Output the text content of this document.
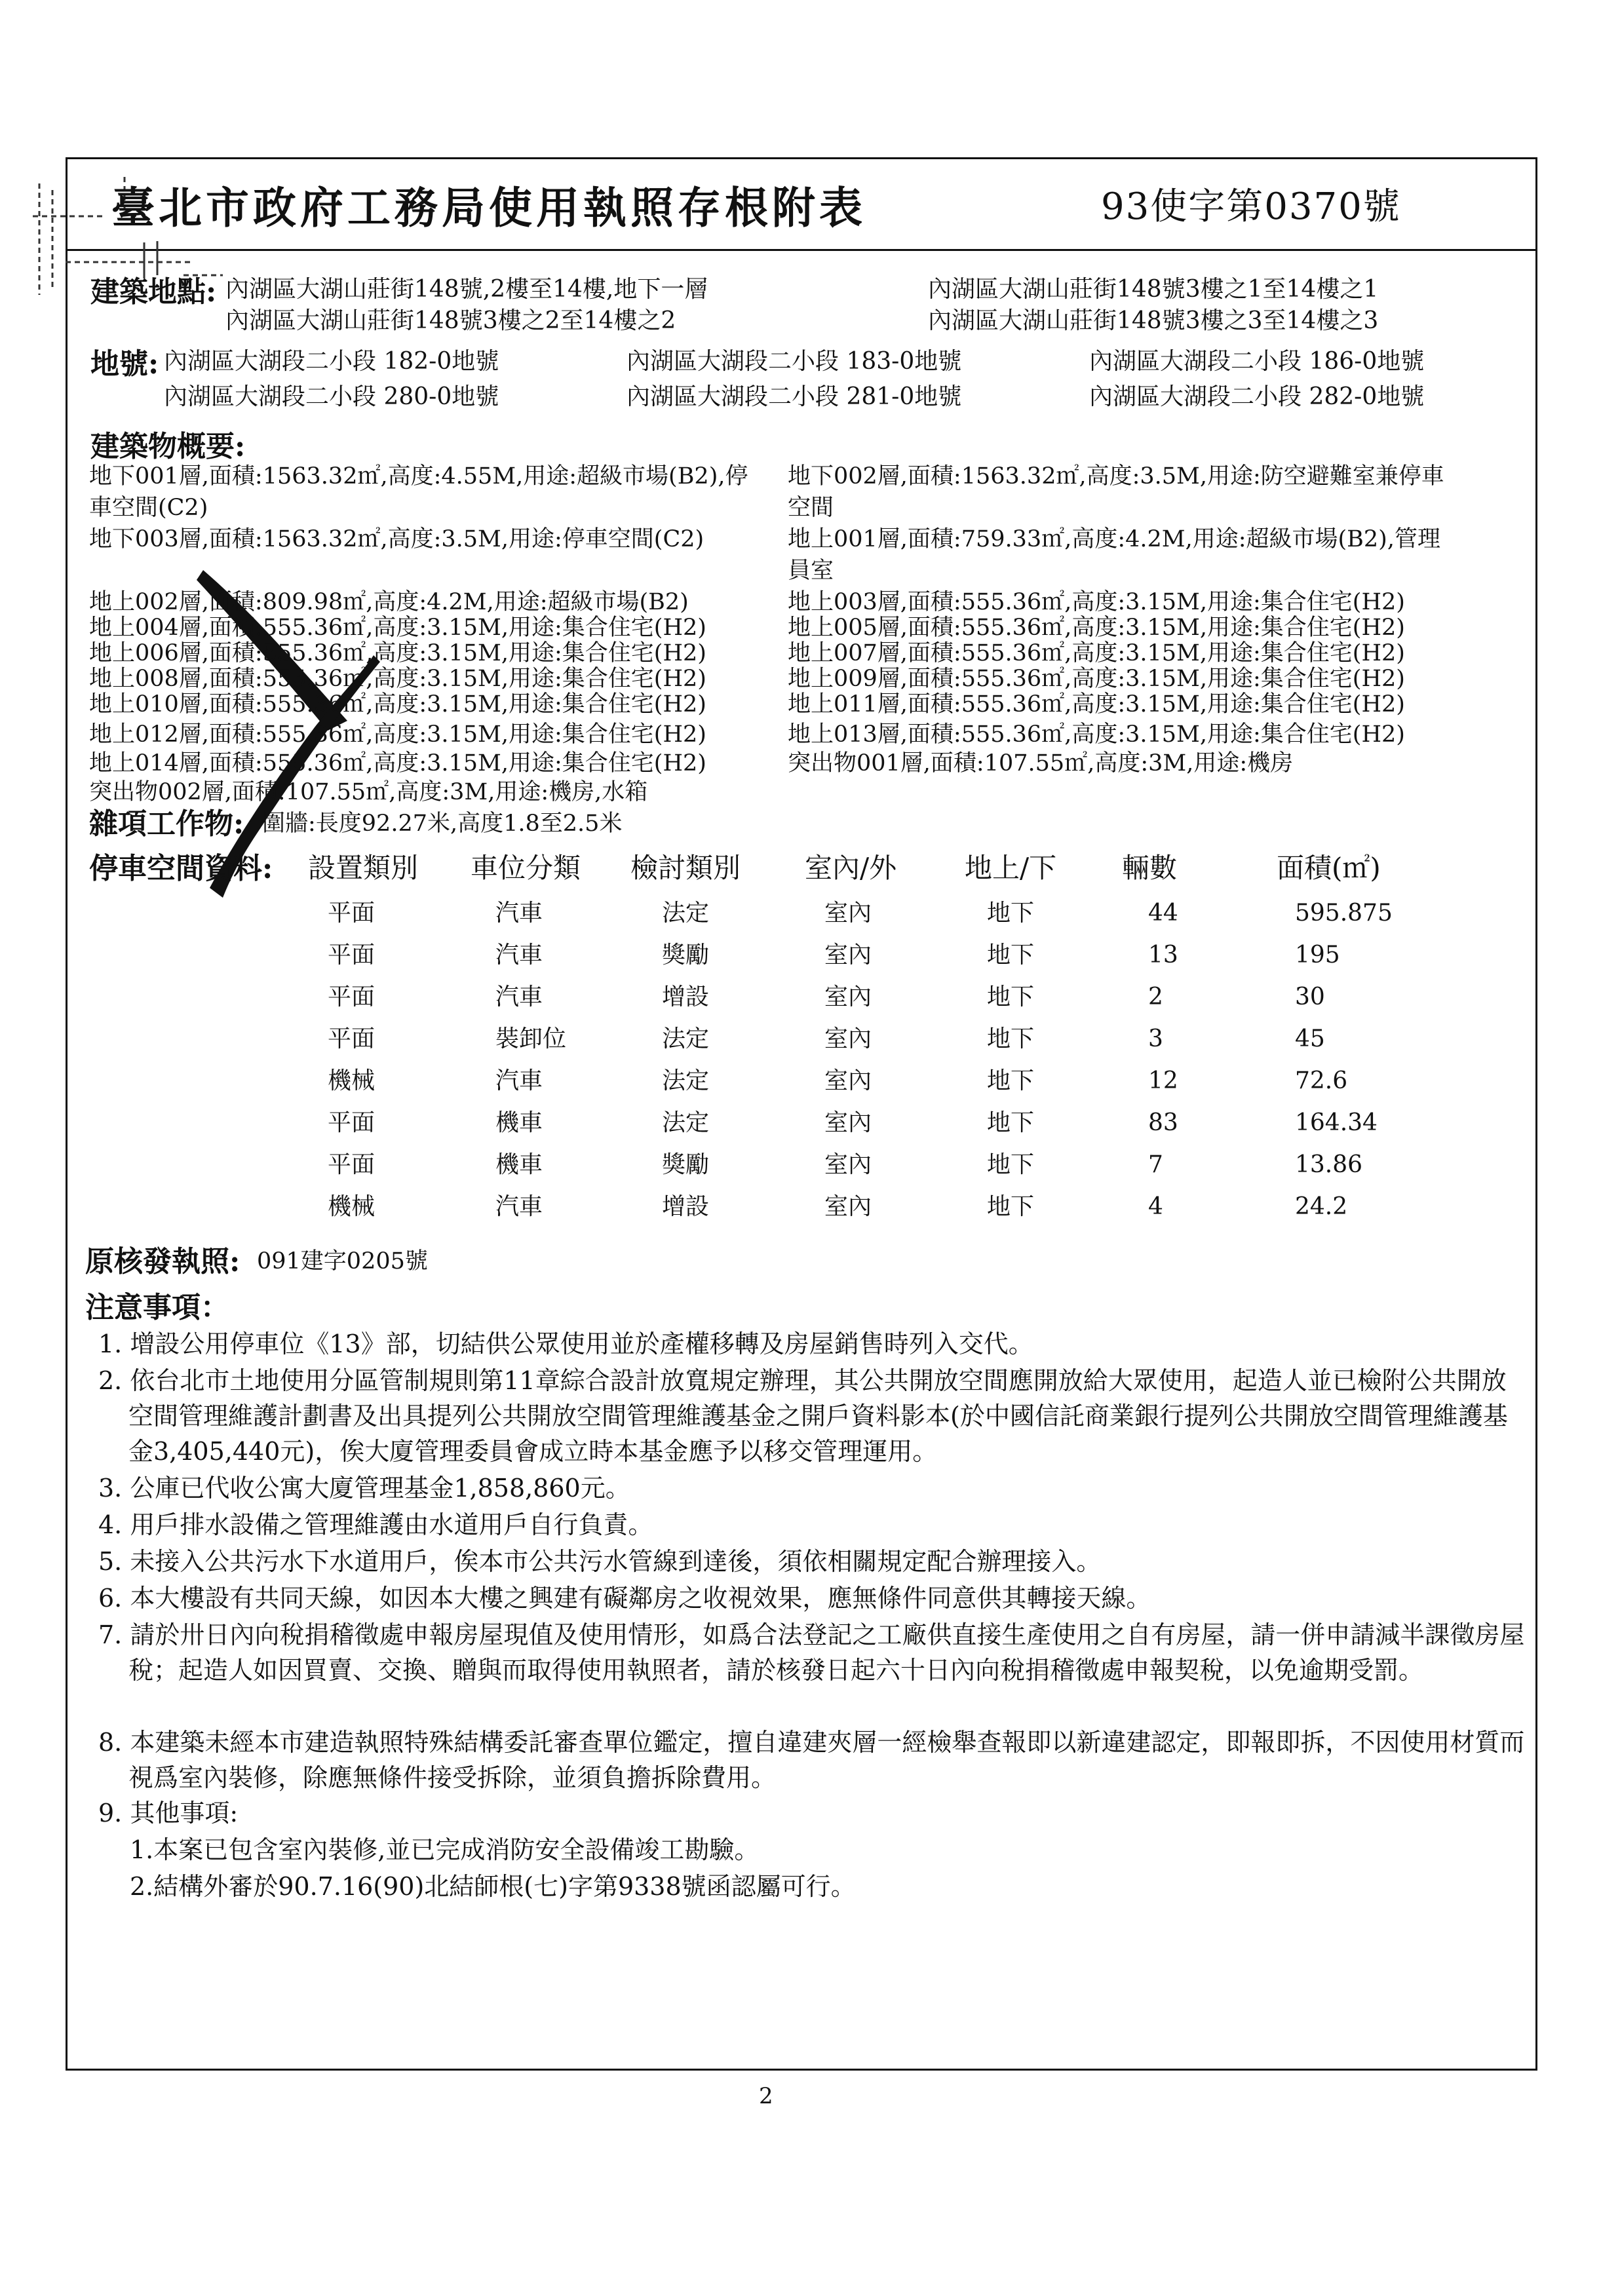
臺北市政府工務局使用執照存根附表	93使字第0370號
建築地點: 內湖區大湖山莊街148號,2樓至14樓,地下一層	內湖區大湖山莊街148號3樓之1至14樓之1
內湖區大湖山莊街148號3樓之2至14樓之2	內湖區大湖山莊街148號3樓之3至14樓之3
地號: 內湖區大湖段二小段 182-0地號	內湖區大湖段二小段 183-0地號	內湖區大湖段二小段 186-0地號
內湖區大湖段二小段 280-0地號	內湖區大湖段二小段 281-0地號	內湖區大湖段二小段 282-0地號
建築物概要:
地下001層,面積:1563.32㎡,高度:4.55M,用途:超級市場(B2),停
車空間(C2)
地下003層,面積:1563.32㎡,高度:3.5M,用途:停車空間(C2)
地上002層,面積:809.98㎡,高度:4.2M,用途:超級市場(B2)
地上004層,面積:555.36㎡,高度:3.15M,用途:集合住宅(H2)
地上006層,面積:555.36㎡,高度:3.15M,用途:集合住宅(H2)
地上008層,面積:555.36㎡,高度:3.15M,用途:集合住宅(H2)
地上010層,面積:555.36㎡,高度:3.15M,用途:集合住宅(H2)
地上012層,面積:555.36㎡,高度:3.15M,用途:集合住宅(H2)
地上014層,面積:555.36㎡,高度:3.15M,用途:集合住宅(H2)
突出物002層,面積:107.55㎡,高度:3M,用途:機房,水箱
地下002層,面積:1563.32㎡,高度:3.5M,用途:防空避難室兼停車
空間
地上001層,面積:759.33㎡,高度:4.2M,用途:超級市場(B2),管理
員室
地上003層,面積:555.36㎡,高度:3.15M,用途:集合住宅(H2)
地上005層,面積:555.36㎡,高度:3.15M,用途:集合住宅(H2)
地上007層,面積:555.36㎡,高度:3.15M,用途:集合住宅(H2)
地上009層,面積:555.36㎡,高度:3.15M,用途:集合住宅(H2)
地上011層,面積:555.36㎡,高度:3.15M,用途:集合住宅(H2)
地上013層,面積:555.36㎡,高度:3.15M,用途:集合住宅(H2)
突出物001層,面積:107.55㎡,高度:3M,用途:機房
雜項工作物: 圍牆:長度92.27米,高度1.8至2.5米
停車空間資料: 設置類別 車位分類 檢討類別 室內/外 地上/下 輛數	面積(㎡)
平面	汽車	法定	室內	地下	44	595.875
平面	汽車	獎勵	室內	地下	13	195
平面	汽車	增設	室內	地下	2	30
平面	裝卸位	法定	室內	地下	3	45
機械	汽車	法定	室內	地下	12	72.6
平面	機車	法定	室內	地下	83	164.34
平面	機車	獎勵	室內	地下	7	13.86
機械	汽車	增設	室內	地下	4	24.2
原核發執照: 091建字0205號
注意事項：
1. 增設公用停車位《13》部，切結供公眾使用並於產權移轉及房屋銷售時列入交代。
2. 依台北市土地使用分區管制規則第11章綜合設計放寬規定辦理，其公共開放空間應開放給大眾使用，起造人並已檢附公共開放空間管理維護計劃書及出具提列公共開放空間管理維護基金之開戶資料影本(於中國信託商業銀行提列公共開放空間管理維護基金3,405,440元)，俟大廈管理委員會成立時本基金應予以移交管理運用。
3. 公庫已代收公寓大廈管理基金1,858,860元。
4. 用戶排水設備之管理維護由水道用戶自行負責。
5. 未接入公共污水下水道用戶，俟本市公共污水管線到達後，須依相關規定配合辦理接入。
6. 本大樓設有共同天線，如因本大樓之興建有礙鄰房之收視效果，應無條件同意供其轉接天線。
7. 請於卅日內向稅捐稽徵處申報房屋現值及使用情形，如爲合法登記之工廠供直接生產使用之自有房屋，請一併申請減半課徵房屋稅；起造人如因買賣、交換、贈與而取得使用執照者，請於核發日起六十日內向稅捐稽徵處申報契稅，以免逾期受罰。
8. 本建築未經本市建造執照特殊結構委託審查單位鑑定，擅自違建夾層一經檢舉查報即以新違建認定，即報即拆，不因使用材質而視爲室內裝修，除應無條件接受拆除，並須負擔拆除費用。
9. 其他事項:
1.本案已包含室內裝修,並已完成消防安全設備竣工勘驗。
2.結構外審於90.7.16(90)北結師根(七)字第9338號函認屬可行。
2
